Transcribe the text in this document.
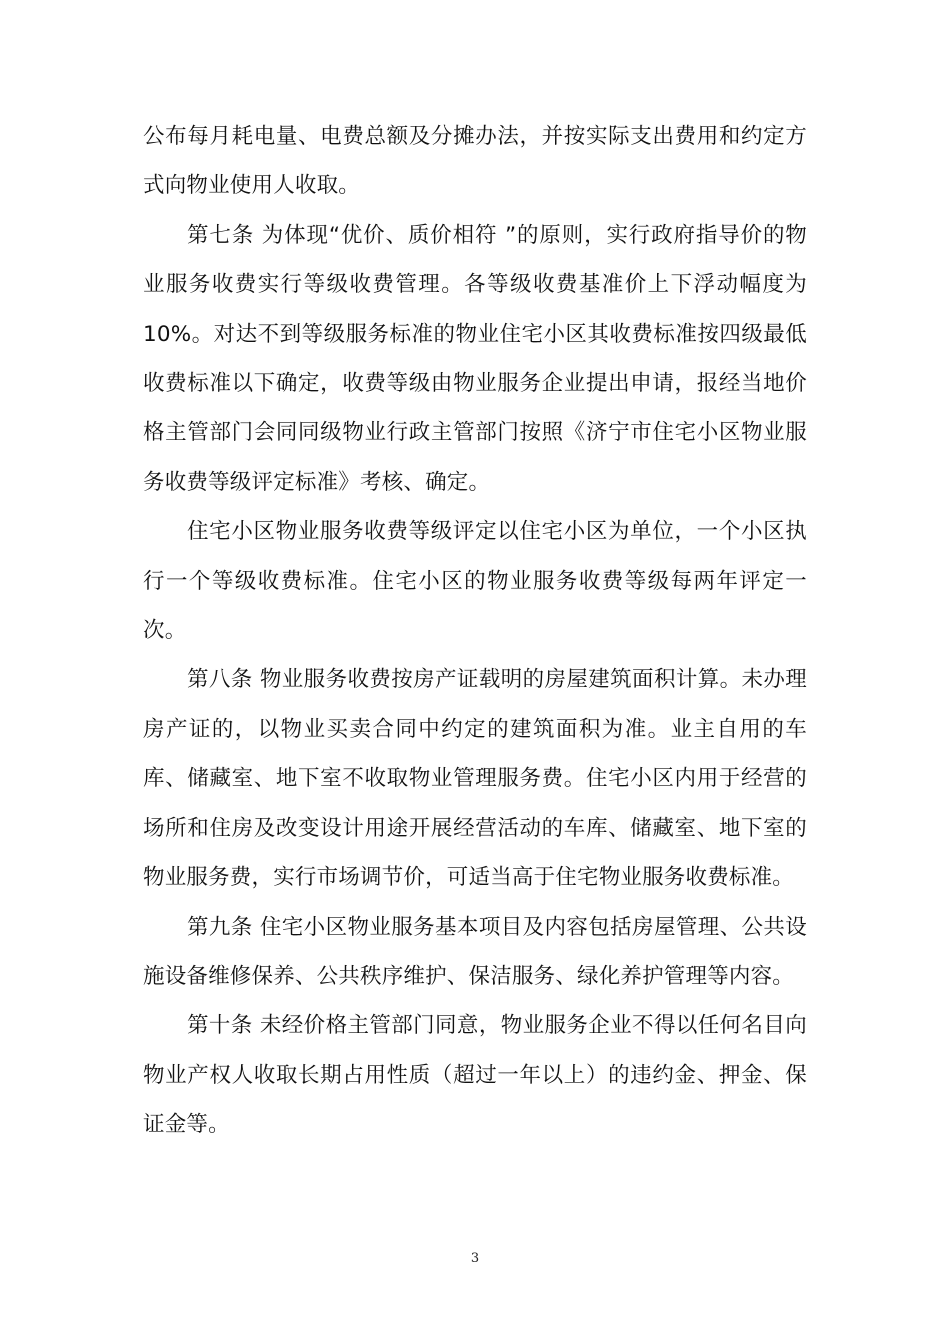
公布每月耗电量、电费总额及分摊办法，并按实际支出费用和约定方式向物业使用人收取。

第七条 为体现“优价、质价相符 ”的原则，实行政府指导价的物业服务收费实行等级收费管理。各等级收费基准价上下浮动幅度为10%。对达不到等级服务标准的物业住宅小区其收费标准按四级最低收费标准以下确定，收费等级由物业服务企业提出申请，报经当地价格主管部门会同同级物业行政主管部门按照《济宁市住宅小区物业服务收费等级评定标准》考核、确定。

住宅小区物业服务收费等级评定以住宅小区为单位，一个小区执行一个等级收费标准。住宅小区的物业服务收费等级每两年评定一次。

第八条 物业服务收费按房产证载明的房屋建筑面积计算。未办理房产证的，以物业买卖合同中约定的建筑面积为准。业主自用的车库、储藏室、地下室不收取物业管理服务费。住宅小区内用于经营的场所和住房及改变设计用途开展经营活动的车库、储藏室、地下室的物业服务费，实行市场调节价，可适当高于住宅物业服务收费标准。

第九条 住宅小区物业服务基本项目及内容包括房屋管理、公共设施设备维修保养、公共秩序维护、保洁服务、绿化养护管理等内容。

第十条 未经价格主管部门同意，物业服务企业不得以任何名目向物业产权人收取长期占用性质（超过一年以上）的违约金、押金、保证金等。

3
